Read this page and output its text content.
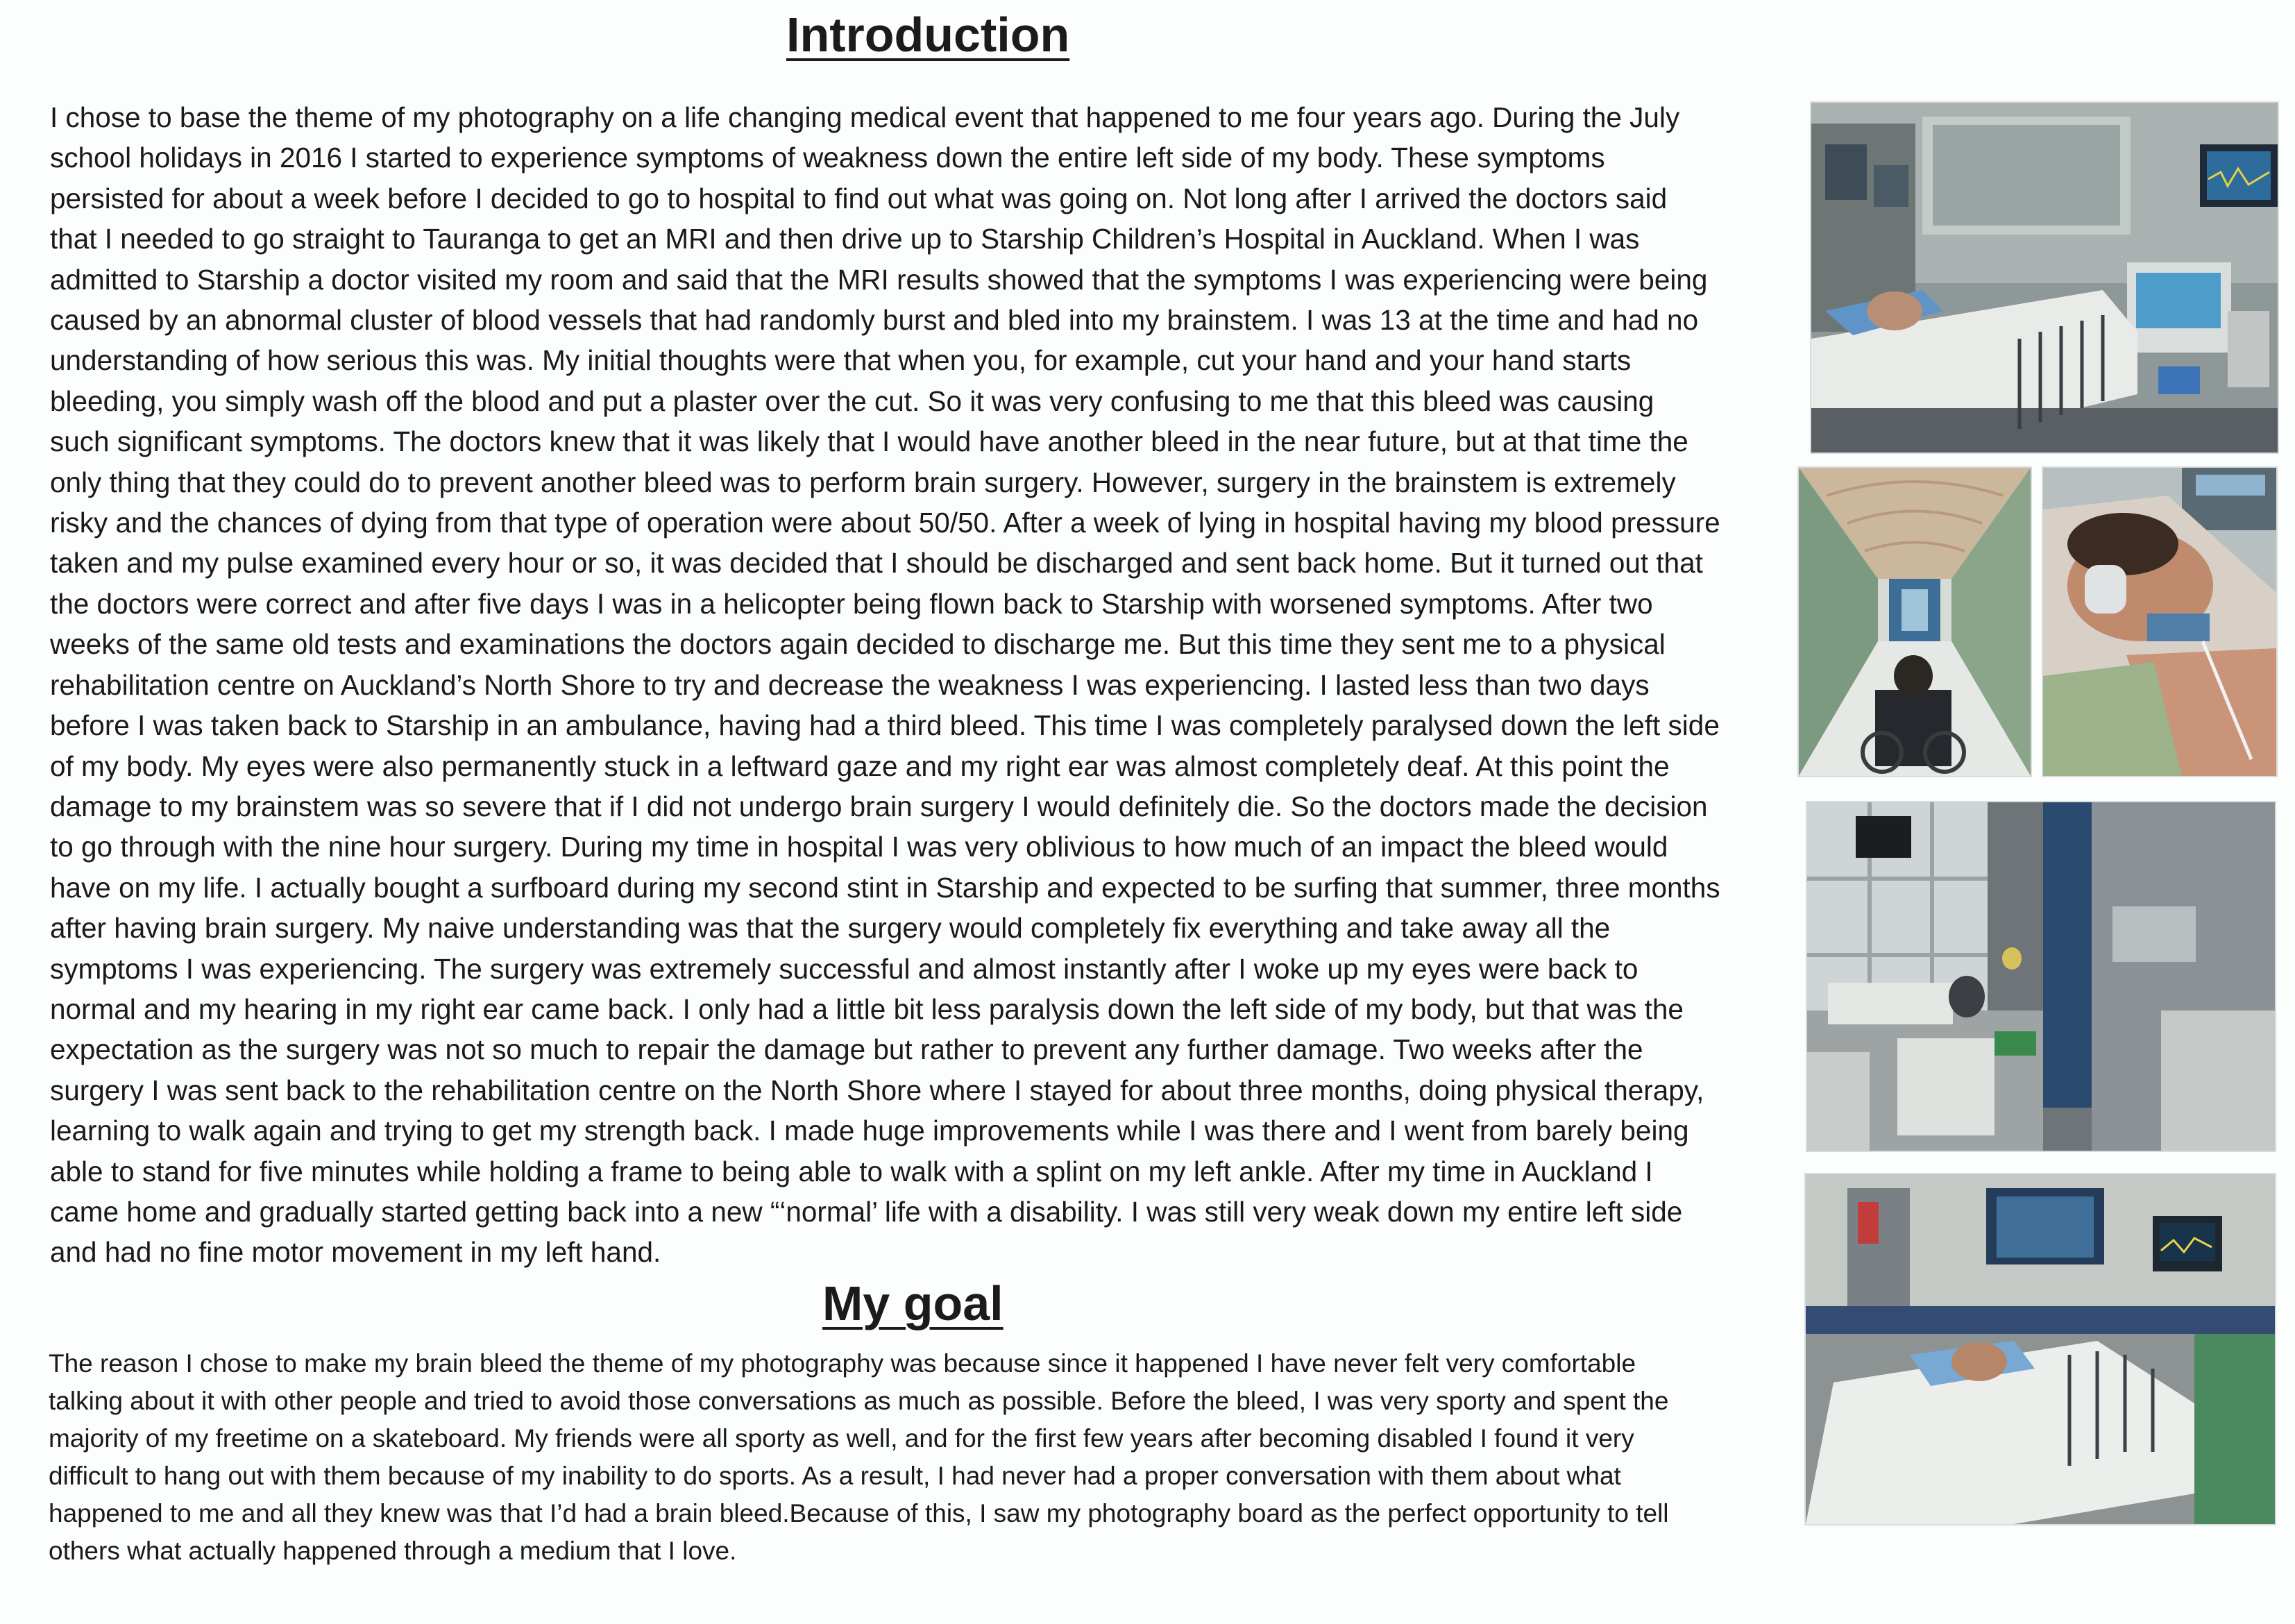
Introduction
I chose to base the theme of my photography on a life changing medical event that happened to me four years ago. During the July
school holidays in 2016 I started to experience symptoms of weakness down the entire left side of my body. These symptoms
persisted for about a week before I decided to go to hospital to find out what was going on. Not long after I arrived the doctors said
that I needed to go straight to Tauranga to get an MRI and then drive up to Starship Children’s Hospital in Auckland. When I was
admitted to Starship a doctor visited my room and said that the MRI results showed that the symptoms I was experiencing were being
caused by an abnormal cluster of blood vessels that had randomly burst and bled into my brainstem. I was 13 at the time and had no
understanding of how serious this was. My initial thoughts were that when you, for example, cut your hand and your hand starts
bleeding, you simply wash off the blood and put a plaster over the cut. So it was very confusing to me that this bleed was causing
such significant symptoms. The doctors knew that it was likely that I would have another bleed in the near future, but at that time the
only thing that they could do to prevent another bleed was to perform brain surgery. However, surgery in the brainstem is extremely
risky and the chances of dying from that type of operation were about 50/50. After a week of lying in hospital having my blood pressure
taken and my pulse examined every hour or so, it was decided that I should be discharged and sent back home. But it turned out that
the doctors were correct and after five days I was in a helicopter being flown back to Starship with worsened symptoms. After two
weeks of the same old tests and examinations the doctors again decided to discharge me. But this time they sent me to a physical
rehabilitation centre on Auckland’s North Shore to try and decrease the weakness I was experiencing. I lasted less than two days
before I was taken back to Starship in an ambulance, having had a third bleed. This time I was completely paralysed down the left side
of my body. My eyes were also permanently stuck in a leftward gaze and my right ear was almost completely deaf. At this point the
damage to my brainstem was so severe that if I did not undergo brain surgery I would definitely die. So the doctors made the decision
to go through with the nine hour surgery. During my time in hospital I was very oblivious to how much of an impact the bleed would
have on my life. I actually bought a surfboard during my second stint in Starship and expected to be surfing that summer, three months
after having brain surgery. My naive understanding was that the surgery would completely fix everything and take away all the
symptoms I was experiencing. The surgery was extremely successful and almost instantly after I woke up my eyes were back to
normal and my hearing in my right ear came back. I only had a little bit less paralysis down the left side of my body, but that was the
expectation as the surgery was not so much to repair the damage but rather to prevent any further damage. Two weeks after the
surgery I was sent back to the rehabilitation centre on the North Shore where I stayed for about three months, doing physical therapy,
learning to walk again and trying to get my strength back. I made huge improvements while I was there and I went from barely being
able to stand for five minutes while holding a frame to being able to walk with a splint on my left ankle. After my time in Auckland I
came home and gradually started getting back into a new “‘normal’ life with a disability. I was still very weak down my entire left side
and had no fine motor movement in my left hand.
My goal
The reason I chose to make my brain bleed the theme of my photography was because since it happened I have never felt very comfortable
talking about it with other people and tried to avoid those conversations as much as possible. Before the bleed, I was very sporty and spent the
majority of my freetime on a skateboard. My friends were all sporty as well, and for the first few years after becoming disabled I found it very
difficult to hang out with them because of my inability to do sports. As a result, I had never had a proper conversation with them about what
happened to me and all they knew was that I’d had a brain bleed.Because of this, I saw my photography board as the perfect opportunity to tell
others what actually happened through a medium that I love.
